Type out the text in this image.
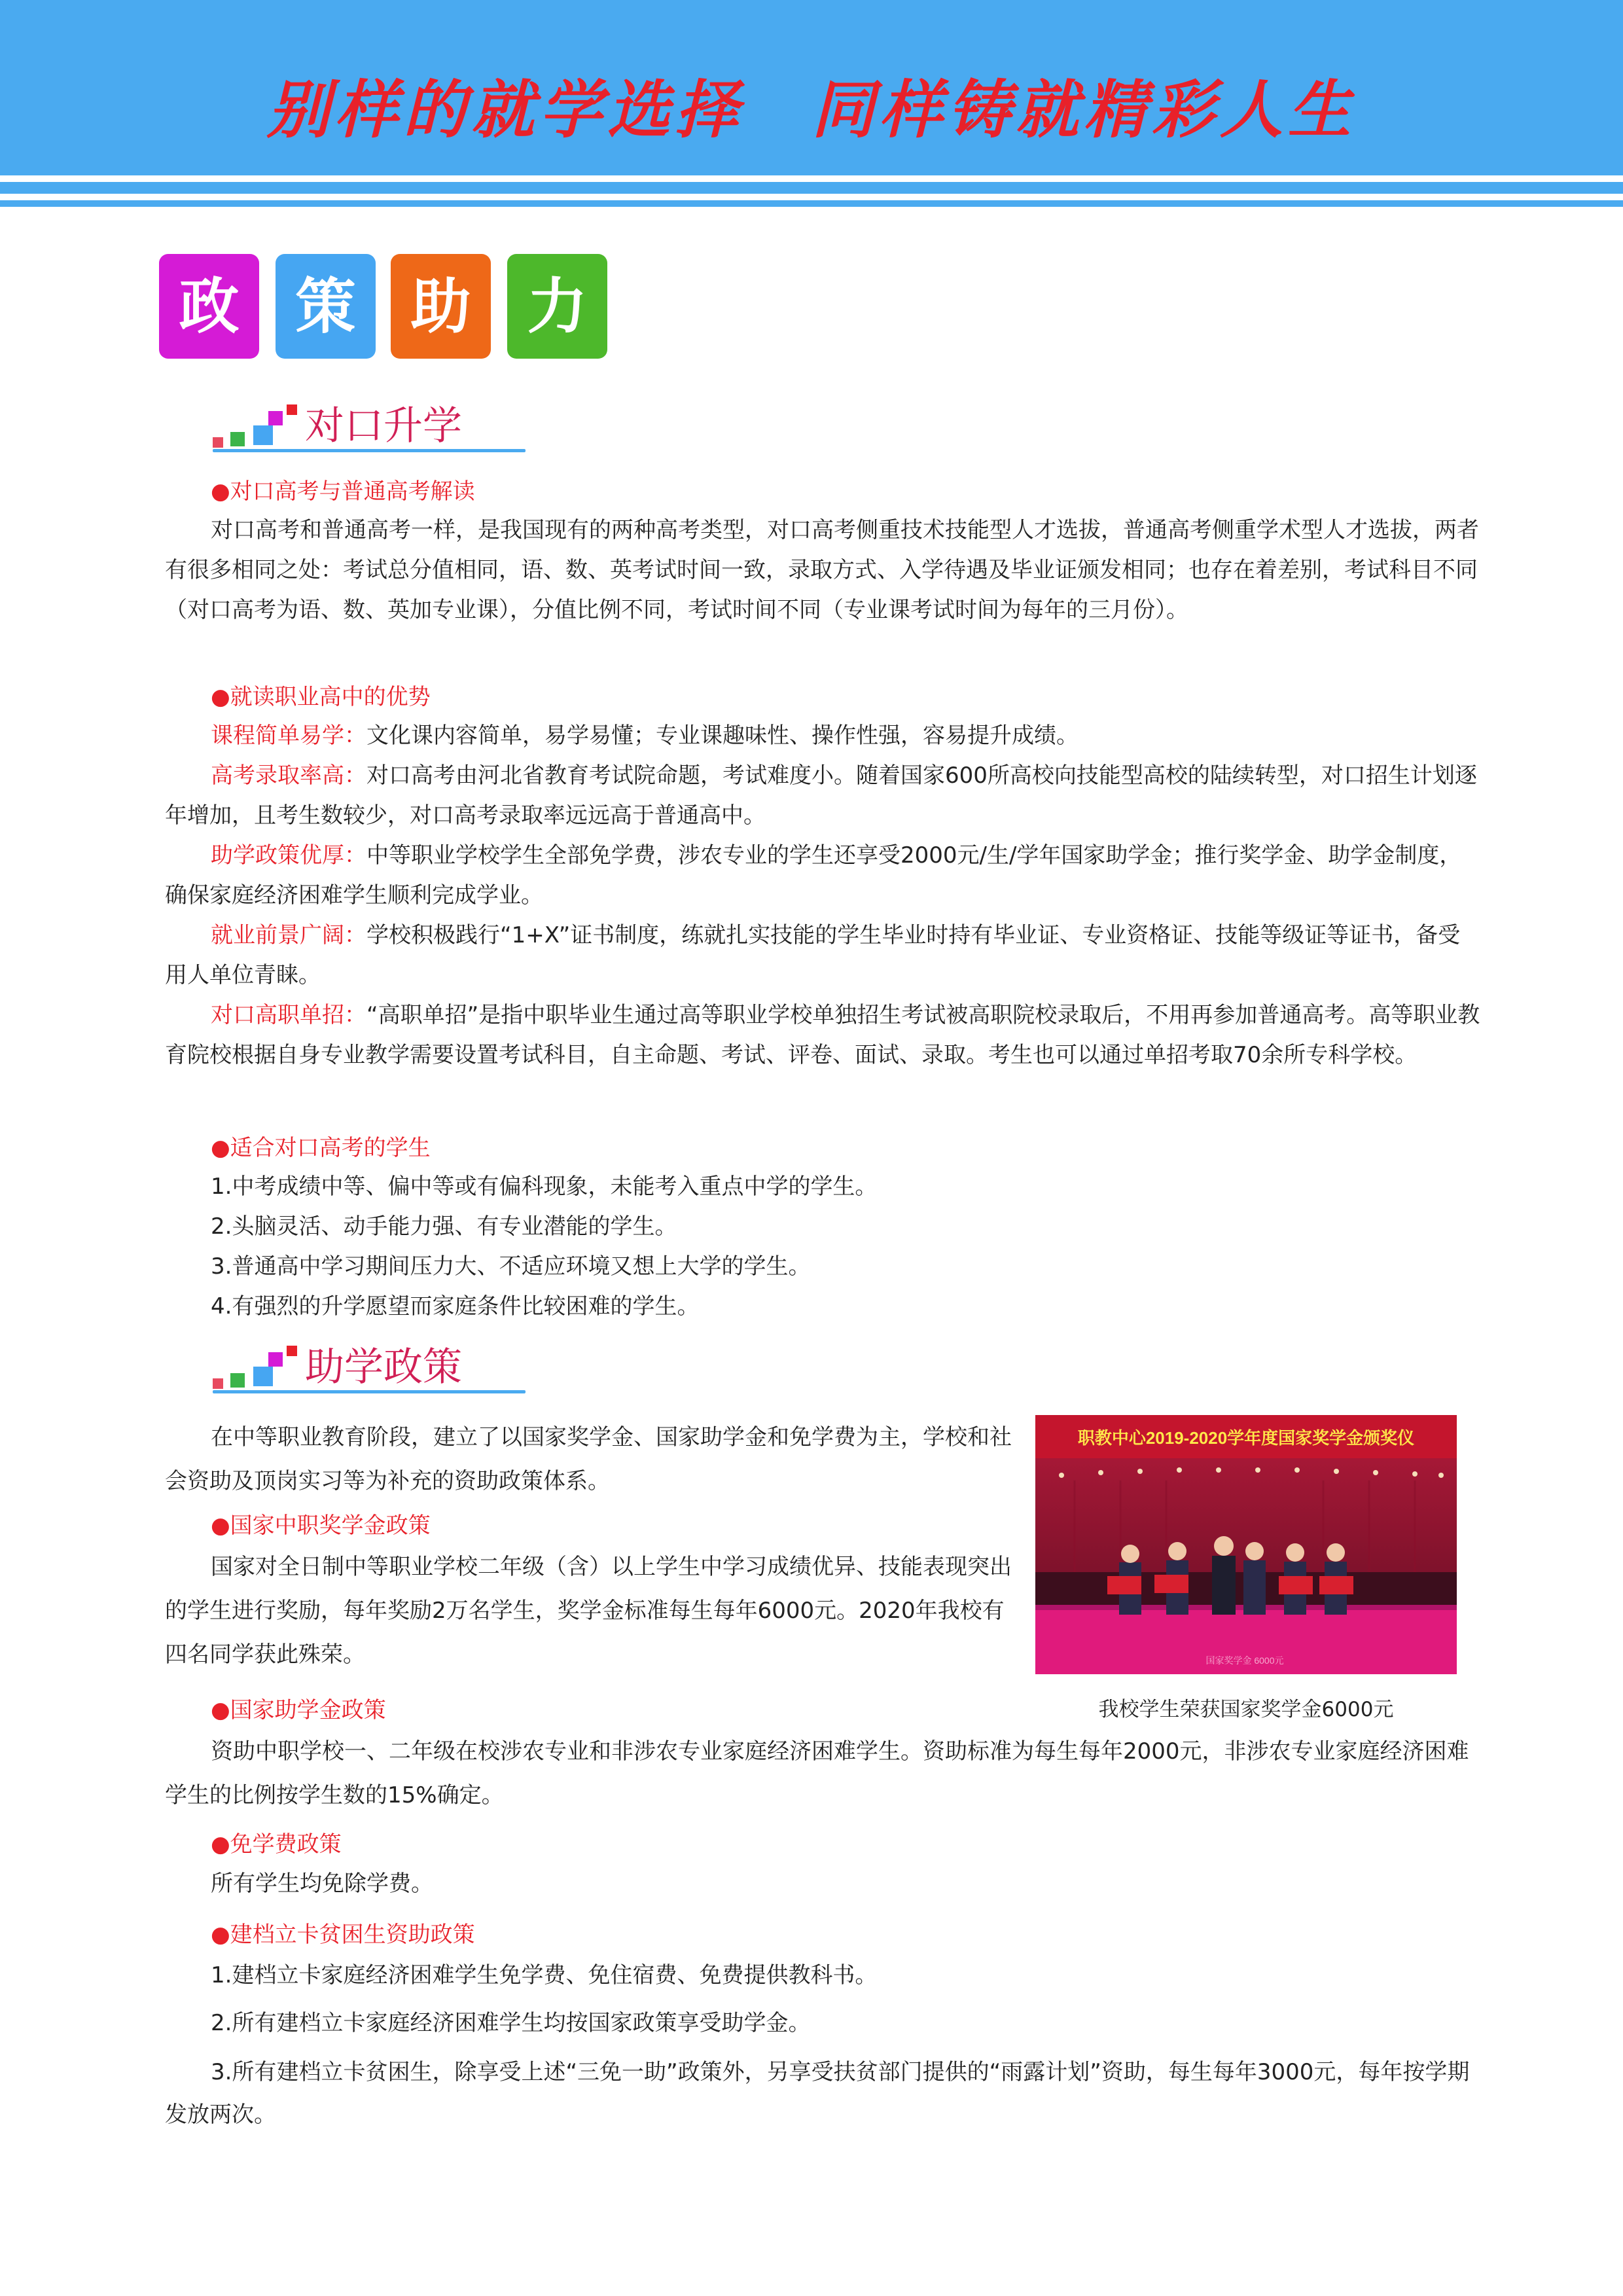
别样的就学选择　同样铸就精彩人生
政 策 助 力
对口升学
●对口高考与普通高考解读
对口高考和普通高考一样，是我国现有的两种高考类型，对口高考侧重技术技能型人才选拔，普通高考侧重学术型人才选拔，两者有很多相同之处：考试总分值相同，语、数、英考试时间一致，录取方式、入学待遇及毕业证颁发相同；也存在着差别，考试科目不同（对口高考为语、数、英加专业课），分值比例不同，考试时间不同（专业课考试时间为每年的三月份）。
●就读职业高中的优势
课程简单易学：文化课内容简单，易学易懂；专业课趣味性、操作性强，容易提升成绩。
高考录取率高：对口高考由河北省教育考试院命题，考试难度小。随着国家600所高校向技能型高校的陆续转型，对口招生计划逐年增加，且考生数较少，对口高考录取率远远高于普通高中。
助学政策优厚：中等职业学校学生全部免学费，涉农专业的学生还享受2000元/生/学年国家助学金；推行奖学金、助学金制度，确保家庭经济困难学生顺利完成学业。
就业前景广阔：学校积极践行“1+X”证书制度，练就扎实技能的学生毕业时持有毕业证、专业资格证、技能等级证等证书，备受用人单位青睐。
对口高职单招：“高职单招”是指中职毕业生通过高等职业学校单独招生考试被高职院校录取后，不用再参加普通高考。高等职业教育院校根据自身专业教学需要设置考试科目，自主命题、考试、评卷、面试、录取。考生也可以通过单招考取70余所专科学校。
●适合对口高考的学生
1.中考成绩中等、偏中等或有偏科现象，未能考入重点中学的学生。
2.头脑灵活、动手能力强、有专业潜能的学生。
3.普通高中学习期间压力大、不适应环境又想上大学的学生。
4.有强烈的升学愿望而家庭条件比较困难的学生。
助学政策
在中等职业教育阶段，建立了以国家奖学金、国家助学金和免学费为主，学校和社会资助及顶岗实习等为补充的资助政策体系。
●国家中职奖学金政策
国家对全日制中等职业学校二年级（含）以上学生中学习成绩优异、技能表现突出的学生进行奖励，每年奖励2万名学生，奖学金标准每生每年6000元。2020年我校有四名同学获此殊荣。
●国家助学金政策
资助中职学校一、二年级在校涉农专业和非涉农专业家庭经济困难学生。资助标准为每生每年2000元，非涉农专业家庭经济困难学生的比例按学生数的15%确定。
●免学费政策
所有学生均免除学费。
●建档立卡贫困生资助政策
1.建档立卡家庭经济困难学生免学费、免住宿费、免费提供教科书。
2.所有建档立卡家庭经济困难学生均按国家政策享受助学金。
3.所有建档立卡贫困生，除享受上述“三免一助”政策外，另享受扶贫部门提供的“雨露计划”资助，每生每年3000元，每年按学期发放两次。
职教中心2019-2020学年度国家奖学金颁奖仪
国家奖学金 6000元
我校学生荣获国家奖学金6000元
